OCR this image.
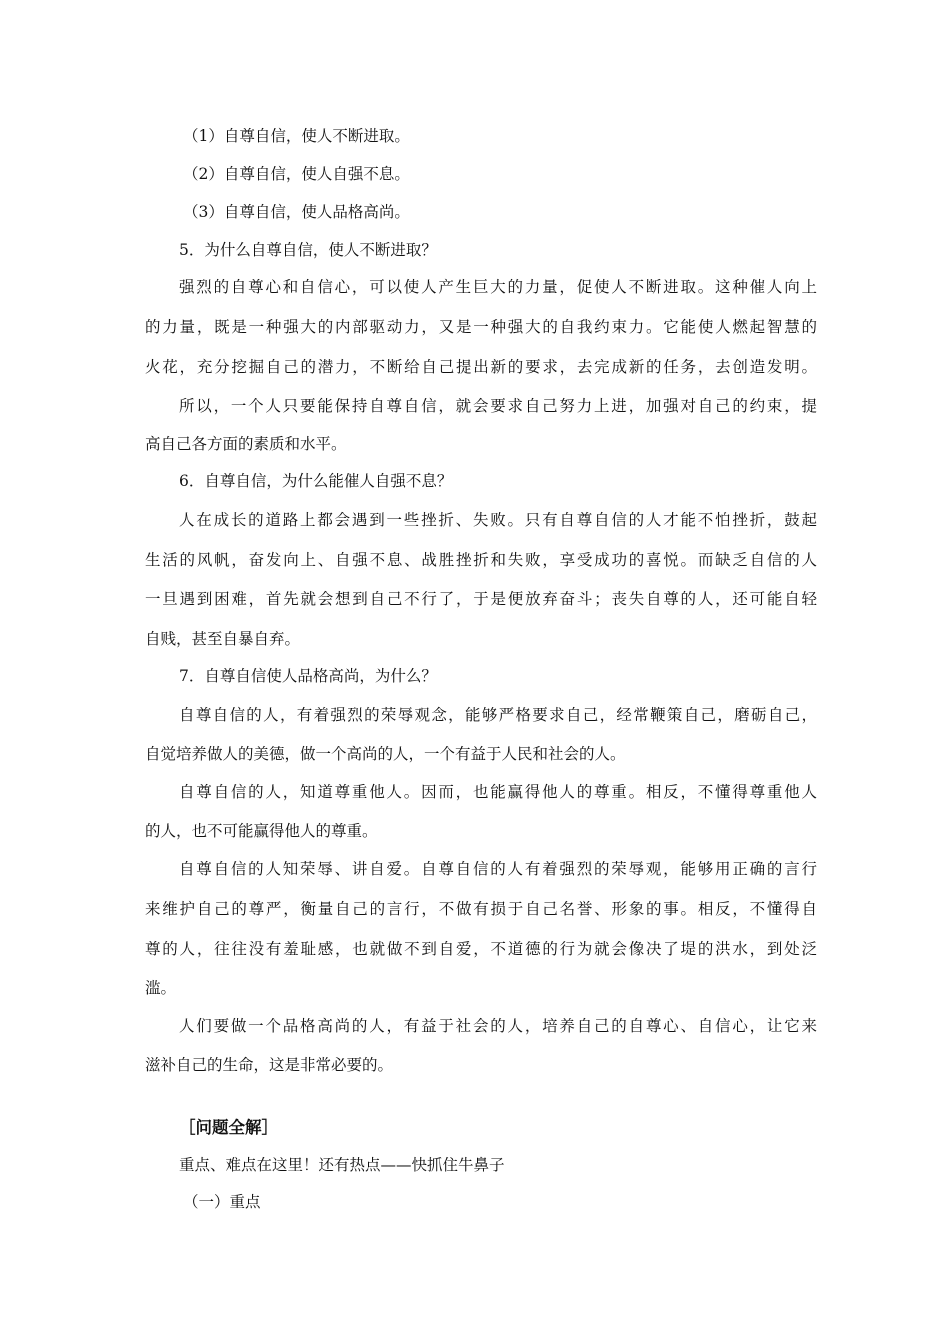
（1）自尊自信，使人不断进取。
（2）自尊自信，使人自强不息。
（3）自尊自信，使人品格高尚。
5．为什么自尊自信，使人不断进取？
强烈的自尊心和自信心，可以使人产生巨大的力量，促使人不断进取。这种催人向上
的力量，既是一种强大的内部驱动力，又是一种强大的自我约束力。它能使人燃起智慧的
火花，充分挖掘自己的潜力，不断给自己提出新的要求，去完成新的任务，去创造发明。
所以，一个人只要能保持自尊自信，就会要求自己努力上进，加强对自己的约束，提
高自己各方面的素质和水平。
6．自尊自信，为什么能催人自强不息？
人在成长的道路上都会遇到一些挫折、失败。只有自尊自信的人才能不怕挫折，鼓起
生活的风帆，奋发向上、自强不息、战胜挫折和失败，享受成功的喜悦。而缺乏自信的人
一旦遇到困难，首先就会想到自己不行了，于是便放弃奋斗；丧失自尊的人，还可能自轻
自贱，甚至自暴自弃。
7．自尊自信使人品格高尚，为什么？
自尊自信的人，有着强烈的荣辱观念，能够严格要求自己，经常鞭策自己，磨砺自己，
自觉培养做人的美德，做一个高尚的人，一个有益于人民和社会的人。
自尊自信的人，知道尊重他人。因而，也能赢得他人的尊重。相反，不懂得尊重他人
的人，也不可能赢得他人的尊重。
自尊自信的人知荣辱、讲自爱。自尊自信的人有着强烈的荣辱观，能够用正确的言行
来维护自己的尊严，衡量自己的言行，不做有损于自己名誉、形象的事。相反，不懂得自
尊的人，往往没有羞耻感，也就做不到自爱，不道德的行为就会像决了堤的洪水，到处泛
滥。
人们要做一个品格高尚的人，有益于社会的人，培养自己的自尊心、自信心，让它来
滋补自己的生命，这是非常必要的。
［问题全解］
重点、难点在这里！还有热点——快抓住牛鼻子
（一）重点
